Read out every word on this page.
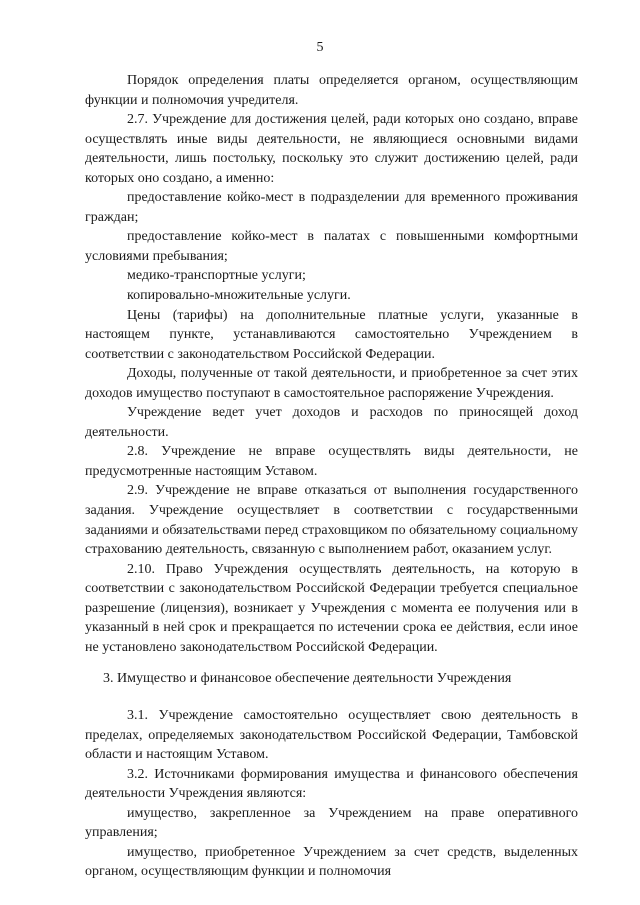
5

Порядок определения платы определяется органом, осуществляющим функции и полномочия учредителя.

2.7. Учреждение для достижения целей, ради которых оно создано, вправе осуществлять иные виды деятельности, не являющиеся основными видами деятельности, лишь постольку, поскольку это служит достижению целей, ради которых оно создано, а именно:

предоставление койко-мест в подразделении для временного проживания граждан;

предоставление койко-мест в палатах с повышенными комфортными условиями пребывания;

медико-транспортные услуги;

копировально-множительные услуги.

Цены (тарифы) на дополнительные платные услуги, указанные в настоящем пункте, устанавливаются самостоятельно Учреждением в соответствии с законодательством Российской Федерации.

Доходы, полученные от такой деятельности, и приобретенное за счет этих доходов имущество поступают в самостоятельное распоряжение Учреждения.

Учреждение ведет учет доходов и расходов по приносящей доход деятельности.

2.8. Учреждение не вправе осуществлять виды деятельности, не предусмотренные настоящим Уставом.

2.9. Учреждение не вправе отказаться от выполнения государственного задания. Учреждение осуществляет в соответствии с государственными заданиями и обязательствами перед страховщиком по обязательному социальному страхованию деятельность, связанную с выполнением работ, оказанием услуг.

2.10. Право Учреждения осуществлять деятельность, на которую в соответствии с законодательством Российской Федерации требуется специальное разрешение (лицензия), возникает у Учреждения с момента ее получения или в указанный в ней срок и прекращается по истечении срока ее действия, если иное не установлено законодательством Российской Федерации.

3. Имущество и финансовое обеспечение деятельности Учреждения

3.1. Учреждение самостоятельно осуществляет свою деятельность в пределах, определяемых законодательством Российской Федерации, Тамбовской области и настоящим Уставом.

3.2. Источниками формирования имущества и финансового обеспечения деятельности Учреждения являются:

имущество, закрепленное за Учреждением на праве оперативного управления;

имущество, приобретенное Учреждением за счет средств, выделенных органом, осуществляющим функции и полномочия
